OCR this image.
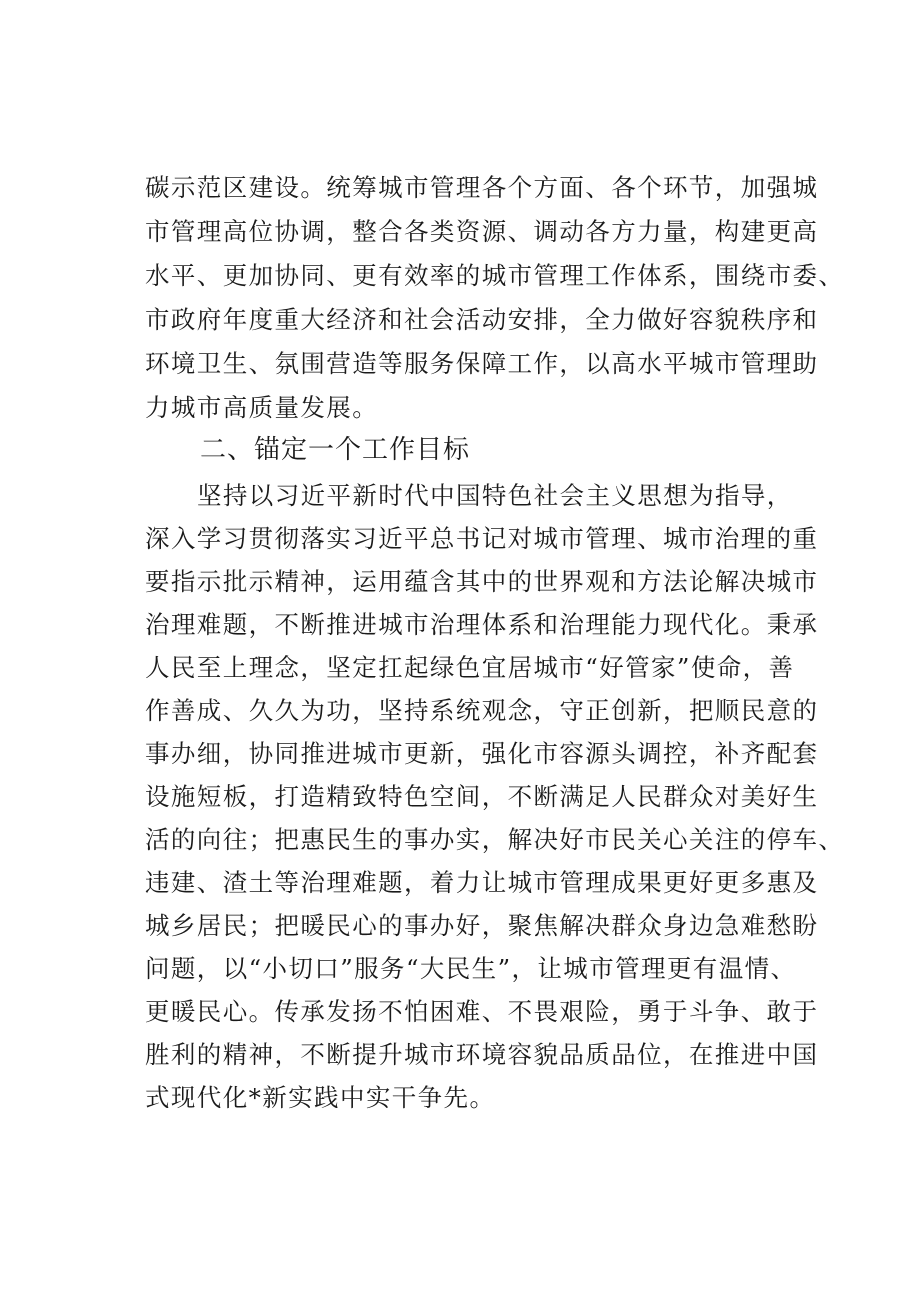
碳示范区建设。统筹城市管理各个方面、各个环节，加强城
市管理高位协调，整合各类资源、调动各方力量，构建更高
水平、更加协同、更有效率的城市管理工作体系，围绕市委、
市政府年度重大经济和社会活动安排，全力做好容貌秩序和
环境卫生、氛围营造等服务保障工作，以高水平城市管理助
力城市高质量发展。
二、锚定一个工作目标
坚持以习近平新时代中国特色社会主义思想为指导，
深入学习贯彻落实习近平总书记对城市管理、城市治理的重
要指示批示精神，运用蕴含其中的世界观和方法论解决城市
治理难题，不断推进城市治理体系和治理能力现代化。秉承
人民至上理念，坚定扛起绿色宜居城市“好管家”使命，善
作善成、久久为功，坚持系统观念，守正创新，把顺民意的
事办细，协同推进城市更新，强化市容源头调控，补齐配套
设施短板，打造精致特色空间，不断满足人民群众对美好生
活的向往；把惠民生的事办实，解决好市民关心关注的停车、
违建、渣土等治理难题，着力让城市管理成果更好更多惠及
城乡居民；把暖民心的事办好，聚焦解决群众身边急难愁盼
问题，以“小切口”服务“大民生”，让城市管理更有温情、
更暖民心。传承发扬不怕困难、不畏艰险，勇于斗争、敢于
胜利的精神，不断提升城市环境容貌品质品位，在推进中国
式现代化*新实践中实干争先。
